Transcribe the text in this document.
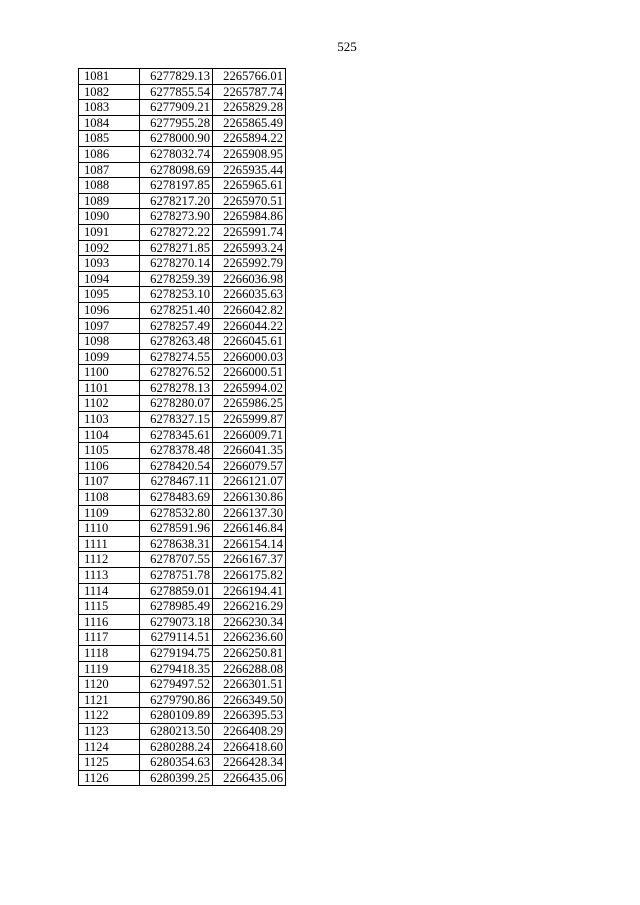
525
1081	6277829.13	2265766.01
1082	6277855.54	2265787.74
1083	6277909.21	2265829.28
1084	6277955.28	2265865.49
1085	6278000.90	2265894.22
1086	6278032.74	2265908.95
1087	6278098.69	2265935.44
1088	6278197.85	2265965.61
1089	6278217.20	2265970.51
1090	6278273.90	2265984.86
1091	6278272.22	2265991.74
1092	6278271.85	2265993.24
1093	6278270.14	2265992.79
1094	6278259.39	2266036.98
1095	6278253.10	2266035.63
1096	6278251.40	2266042.82
1097	6278257.49	2266044.22
1098	6278263.48	2266045.61
1099	6278274.55	2266000.03
1100	6278276.52	2266000.51
1101	6278278.13	2265994.02
1102	6278280.07	2265986.25
1103	6278327.15	2265999.87
1104	6278345.61	2266009.71
1105	6278378.48	2266041.35
1106	6278420.54	2266079.57
1107	6278467.11	2266121.07
1108	6278483.69	2266130.86
1109	6278532.80	2266137.30
1110	6278591.96	2266146.84
1111	6278638.31	2266154.14
1112	6278707.55	2266167.37
1113	6278751.78	2266175.82
1114	6278859.01	2266194.41
1115	6278985.49	2266216.29
1116	6279073.18	2266230.34
1117	6279114.51	2266236.60
1118	6279194.75	2266250.81
1119	6279418.35	2266288.08
1120	6279497.52	2266301.51
1121	6279790.86	2266349.50
1122	6280109.89	2266395.53
1123	6280213.50	2266408.29
1124	6280288.24	2266418.60
1125	6280354.63	2266428.34
1126	6280399.25	2266435.06
